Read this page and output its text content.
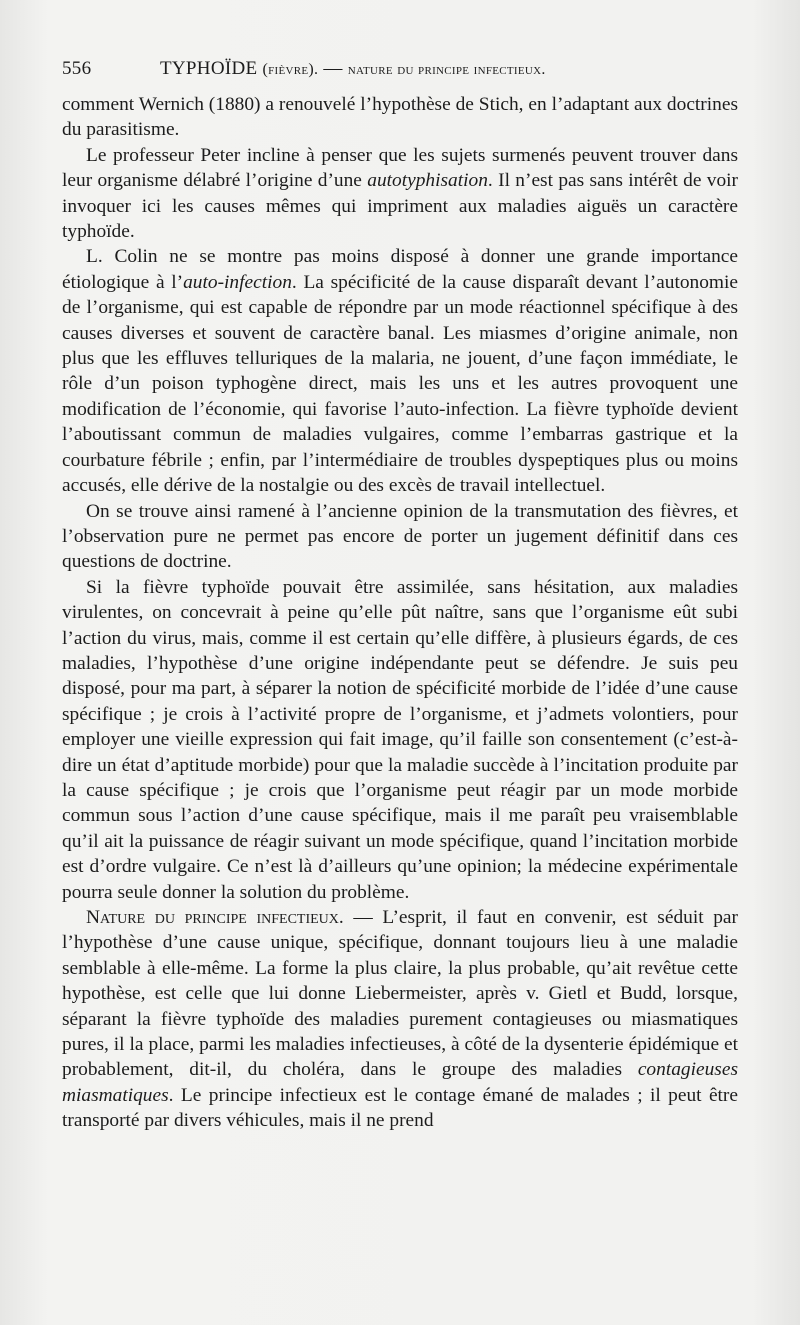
556	TYPHOÏDE (fièvre). — nature du principe infectieux.

comment Wernich (1880) a renouvelé l’hypothèse de Stich, en l’adaptant aux doctrines du parasitisme.

Le professeur Peter incline à penser que les sujets surmenés peuvent trouver dans leur organisme délabré l’origine d’une autotyphisation. Il n’est pas sans intérêt de voir invoquer ici les causes mêmes qui impriment aux maladies aiguës un caractère typhoïde.

L. Colin ne se montre pas moins disposé à donner une grande importance étiologique à l’auto-infection. La spécificité de la cause disparaît devant l’autonomie de l’organisme, qui est capable de répondre par un mode réactionnel spécifique à des causes diverses et souvent de caractère banal. Les miasmes d’origine animale, non plus que les effluves telluriques de la malaria, ne jouent, d’une façon immédiate, le rôle d’un poison typhogène direct, mais les uns et les autres provoquent une modification de l’économie, qui favorise l’auto-infection. La fièvre typhoïde devient l’aboutissant commun de maladies vulgaires, comme l’embarras gastrique et la courbature fébrile ; enfin, par l’intermédiaire de troubles dyspeptiques plus ou moins accusés, elle dérive de la nostalgie ou des excès de travail intellectuel.

On se trouve ainsi ramené à l’ancienne opinion de la transmutation des fièvres, et l’observation pure ne permet pas encore de porter un jugement définitif dans ces questions de doctrine.

Si la fièvre typhoïde pouvait être assimilée, sans hésitation, aux maladies virulentes, on concevrait à peine qu’elle pût naître, sans que l’organisme eût subi l’action du virus, mais, comme il est certain qu’elle diffère, à plusieurs égards, de ces maladies, l’hypothèse d’une origine indépendante peut se défendre. Je suis peu disposé, pour ma part, à séparer la notion de spécificité morbide de l’idée d’une cause spécifique ; je crois à l’activité propre de l’organisme, et j’admets volontiers, pour employer une vieille expression qui fait image, qu’il faille son consentement (c’est-à-dire un état d’aptitude morbide) pour que la maladie succède à l’incitation produite par la cause spécifique ; je crois que l’organisme peut réagir par un mode morbide commun sous l’action d’une cause spécifique, mais il me paraît peu vraisemblable qu’il ait la puissance de réagir suivant un mode spécifique, quand l’incitation morbide est d’ordre vulgaire. Ce n’est là d’ailleurs qu’une opinion; la médecine expérimentale pourra seule donner la solution du problème.

Nature du principe infectieux. — L’esprit, il faut en convenir, est séduit par l’hypothèse d’une cause unique, spécifique, donnant toujours lieu à une maladie semblable à elle-même. La forme la plus claire, la plus probable, qu’ait revêtue cette hypothèse, est celle que lui donne Liebermeister, après v. Gietl et Budd, lorsque, séparant la fièvre typhoïde des maladies purement contagieuses ou miasmatiques pures, il la place, parmi les maladies infectieuses, à côté de la dysenterie épidémique et probablement, dit-il, du choléra, dans le groupe des maladies contagieuses miasmatiques. Le principe infectieux est le contage émané de malades ; il peut être transporté par divers véhicules, mais il ne prend
